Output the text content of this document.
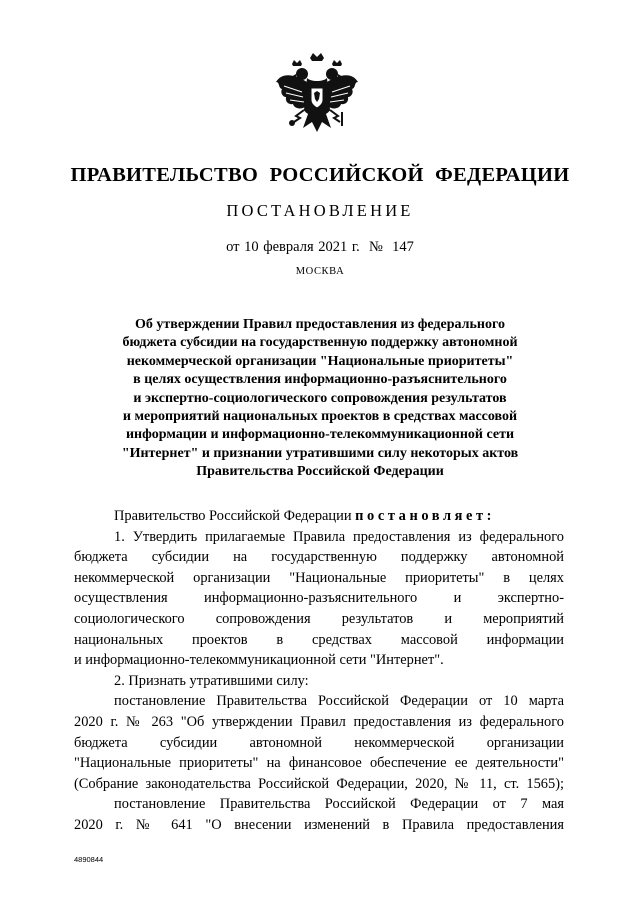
ПРАВИТЕЛЬСТВО РОССИЙСКОЙ ФЕДЕРАЦИИ
ПОСТАНОВЛЕНИЕ
от 10 февраля 2021 г.  №  147
МОСКВА
Об утверждении Правил предоставления из федерального
бюджета субсидии на государственную поддержку автономной
некоммерческой организации "Национальные приоритеты"
в целях осуществления информационно-разъяснительного
и экспертно-социологического сопровождения результатов
и мероприятий национальных проектов в средствах массовой
информации и информационно-телекоммуникационной сети
"Интернет" и признании утратившими силу некоторых актов
Правительства Российской Федерации
Правительство Российской Федерации постановляет:
1. Утвердить прилагаемые Правила предоставления из федерального
бюджета субсидии на государственную поддержку автономной
некоммерческой организации "Национальные приоритеты" в целях
осуществления информационно-разъяснительного и экспертно-
социологического сопровождения результатов и мероприятий
национальных проектов в средствах массовой информации
и информационно-телекоммуникационной сети "Интернет".
2. Признать утратившими силу:
постановление Правительства Российской Федерации от 10 марта
2020 г. № 263 "Об утверждении Правил предоставления из федерального
бюджета субсидии автономной некоммерческой организации
"Национальные приоритеты" на финансовое обеспечение ее деятельности"
(Собрание законодательства Российской Федерации, 2020, № 11, ст. 1565);
постановление Правительства Российской Федерации от 7 мая
2020 г. № 641 "О внесении изменений в Правила предоставления
4890844
